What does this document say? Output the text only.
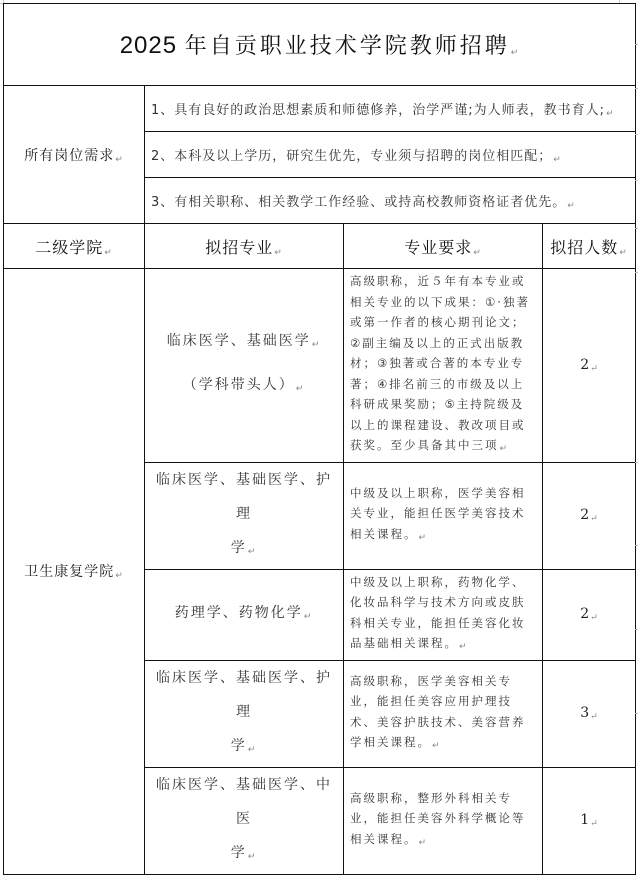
2025 年自贡职业技术学院教师招聘↵			
所有岗位需求↵	1、具有良好的政治思想素质和师德修养，治学严谨;为人师表，教书育人;↵		
	2、本科及以上学历，研究生优先，专业须与招聘的岗位相匹配；↵		
	3、有相关职称、相关教学工作经验、或持高校教师资格证者优先。↵		
二级学院↵	拟招专业↵	专业要求↵	拟招人数↵
卫生康复学院↵	临床医学、基础医学↵
（学科带头人）↵	高级职称，近５年有本专业或相关专业的以下成果：①·独著或第一作者的核心期刊论文；②副主编及以上的正式出版教材；③独著或合著的本专业专著；④排名前三的市级及以上科研成果奖励；⑤主持院级及以上的课程建设、教改项目或获奖。至少具备其中三项↵	2↵

	临床医学、基础医学、护理
学↵	中级及以上职称，医学美容相关专业，能担任医学美容技术相关课程。↵	2↵
	药理学、药物化学↵	中级及以上职称，药物化学、化妆品科学与技术方向或皮肤科相关专业，能担任美容化妆品基础相关课程。↵	2↵

	临床医学、基础医学、护理
学↵	高级职称，医学美容相关专业，能担任美容应用护理技术、美容护肤技术、美容营养学相关课程。↵	3↵

	临床医学、基础医学、中医
学↵	高级职称，整形外科相关专业，能担任美容外科学概论等相关课程。↵	1↵
